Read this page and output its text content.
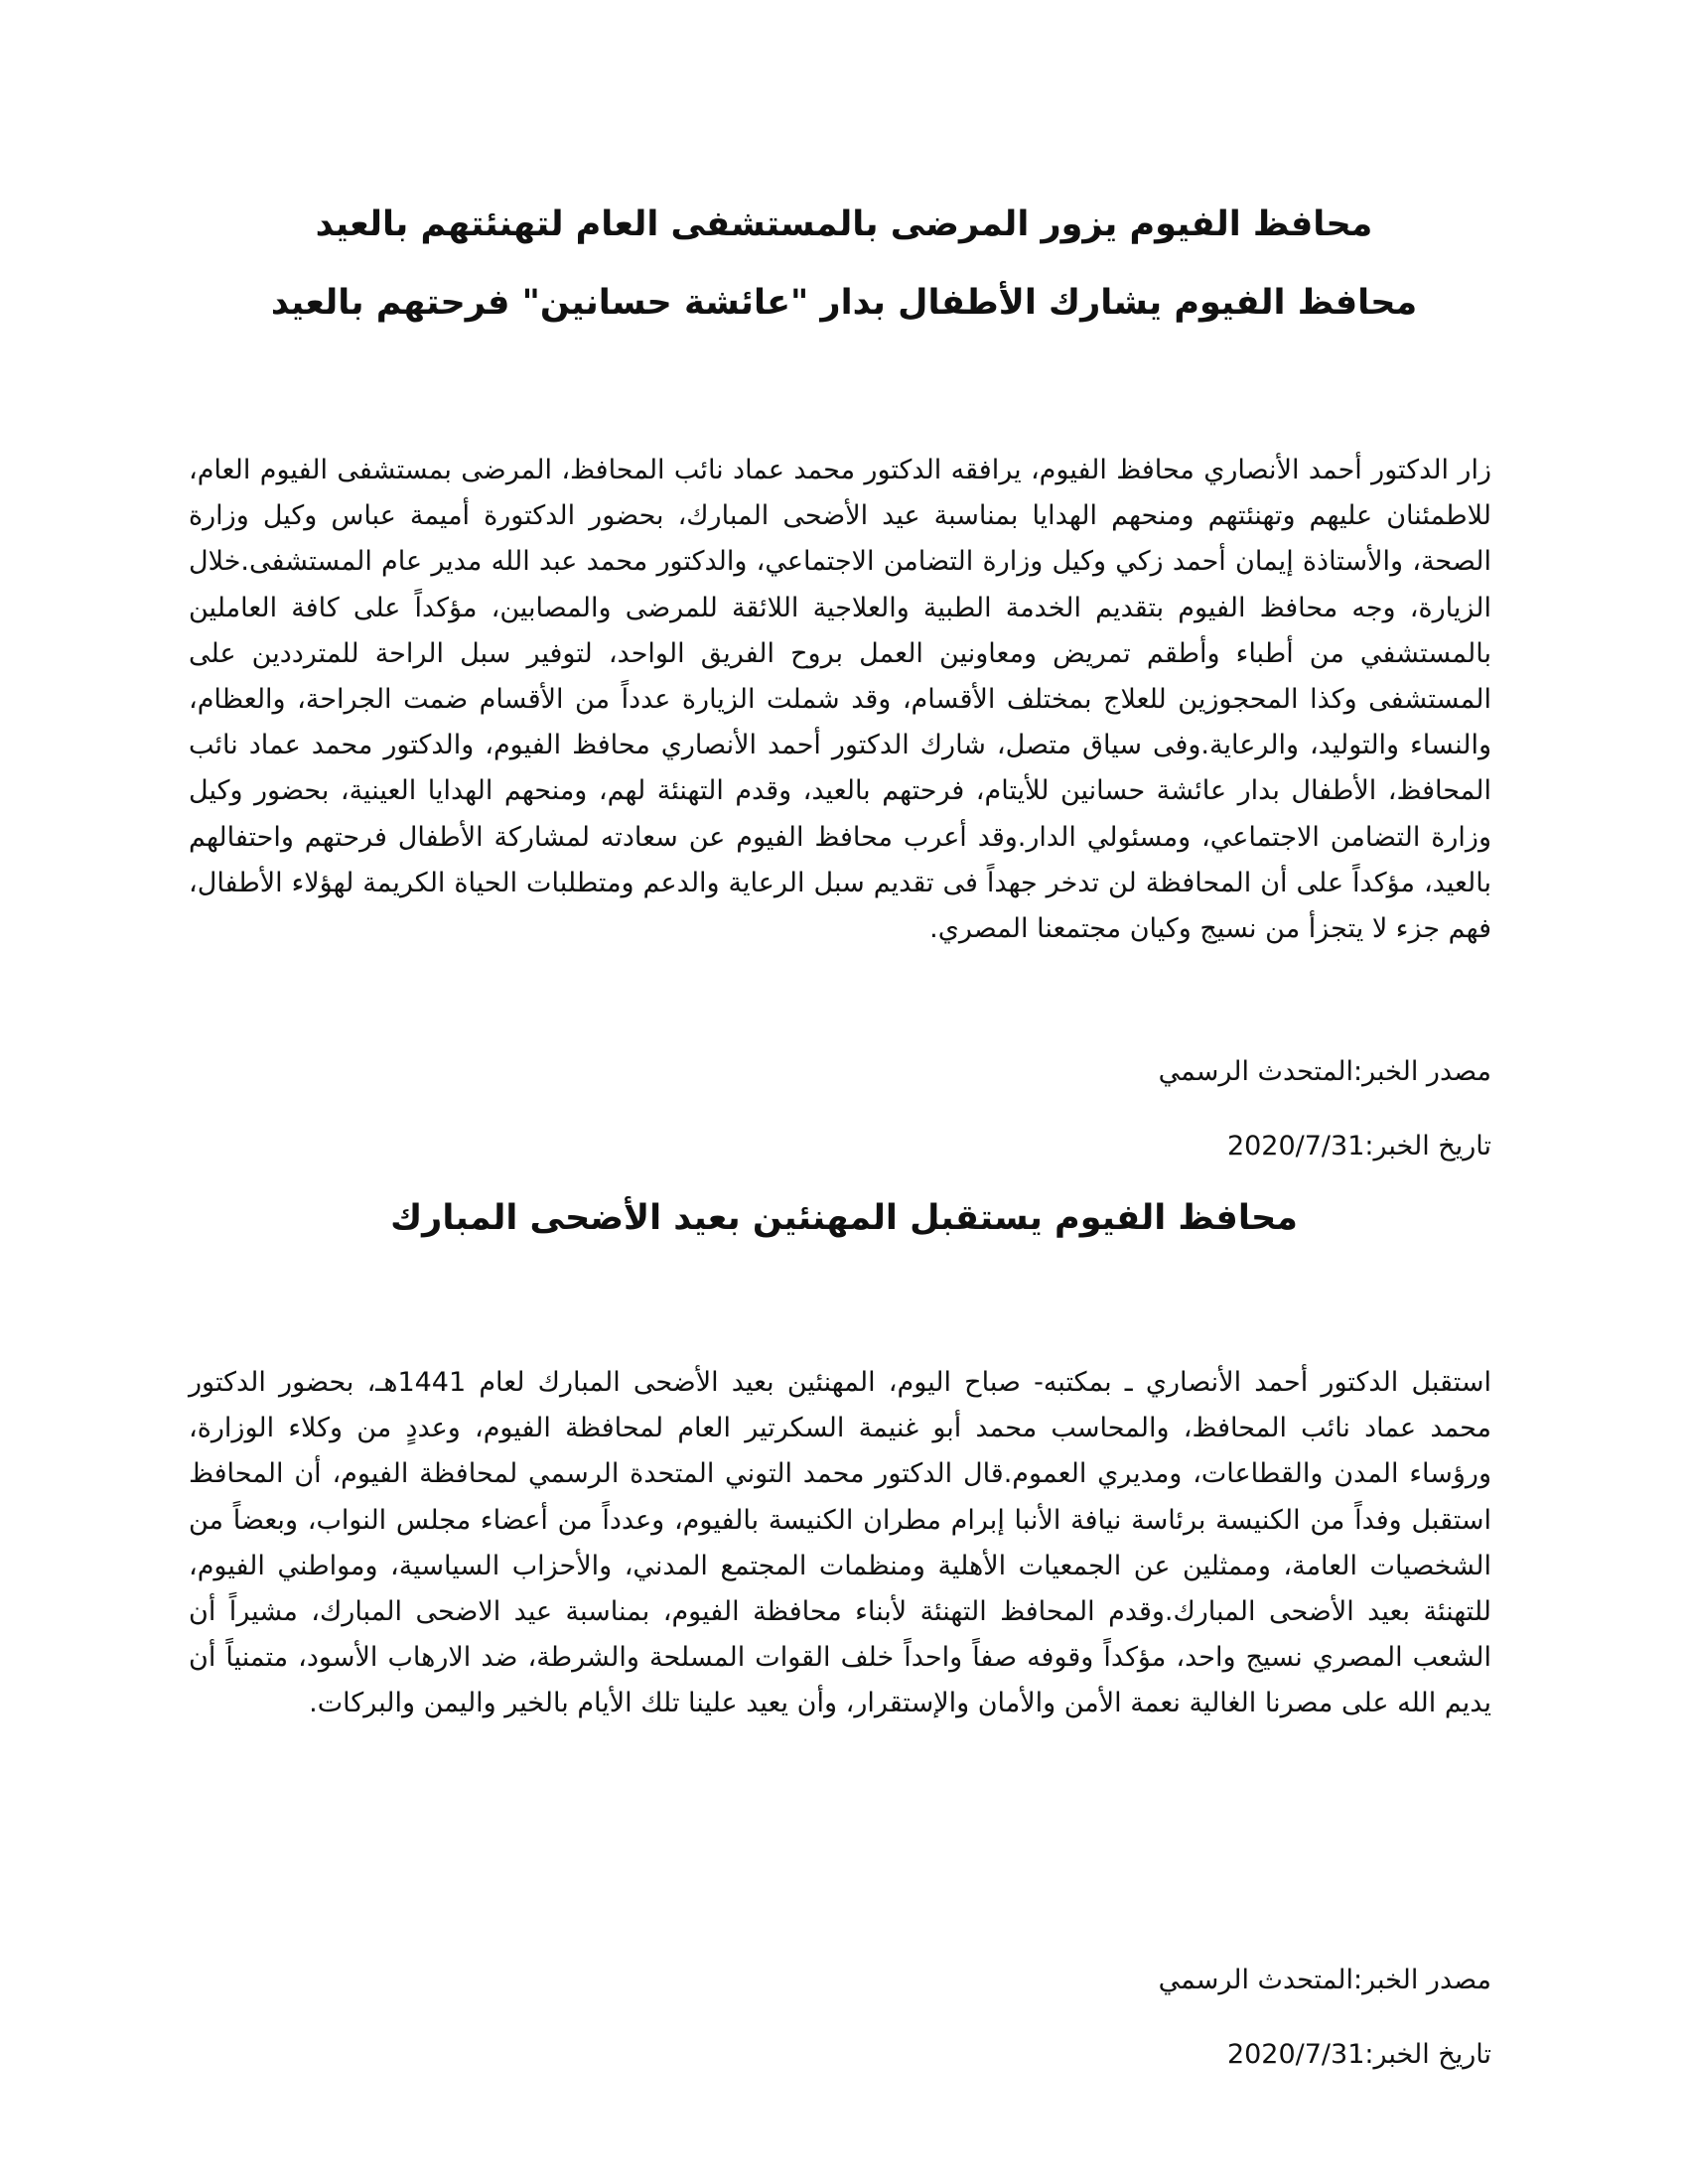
محافظ الفيوم يزور المرضى بالمستشفى العام لتهنئتهم بالعيد
محافظ الفيوم يشارك الأطفال بدار "عائشة حسانين" فرحتهم بالعيد

زار الدكتور أحمد الأنصاري محافظ الفيوم، يرافقه الدكتور محمد عماد نائب المحافظ، المرضى بمستشفى الفيوم العام، للاطمئنان عليهم وتهنئتهم ومنحهم الهدايا بمناسبة عيد الأضحى المبارك، بحضور الدكتورة أميمة عباس وكيل وزارة الصحة، والأستاذة إيمان أحمد زكي وكيل وزارة التضامن الاجتماعي، والدكتور محمد عبد الله مدير عام المستشفى.خلال الزيارة، وجه محافظ الفيوم بتقديم الخدمة الطبية والعلاجية اللائقة للمرضى والمصابين، مؤكداً على كافة العاملين بالمستشفي من أطباء وأطقم تمريض ومعاونين العمل بروح الفريق الواحد، لتوفير سبل الراحة للمترددين على المستشفى وكذا المحجوزين للعلاج بمختلف الأقسام، وقد شملت الزيارة عدداً من الأقسام ضمت الجراحة، والعظام، والنساء والتوليد، والرعاية.وفى سياق متصل، شارك الدكتور أحمد الأنصاري محافظ الفيوم، والدكتور محمد عماد نائب المحافظ، الأطفال بدار عائشة حسانين للأيتام، فرحتهم بالعيد، وقدم التهنئة لهم، ومنحهم الهدايا العينية، بحضور وكيل وزارة التضامن الاجتماعي، ومسئولي الدار.وقد أعرب محافظ الفيوم عن سعادته لمشاركة الأطفال فرحتهم واحتفالهم بالعيد، مؤكداً على أن المحافظة لن تدخر جهداً فى تقديم سبل الرعاية والدعم ومتطلبات الحياة الكريمة لهؤلاء الأطفال، فهم جزء لا يتجزأ من نسيج وكيان مجتمعنا المصري.

مصدر الخبر:المتحدث الرسمي

تاريخ الخبر:2020/7/31

محافظ الفيوم يستقبل المهنئين بعيد الأضحى المبارك

استقبل الدكتور أحمد الأنصاري ـ بمكتبه- صباح اليوم، المهنئين بعيد الأضحى المبارك لعام 1441هـ، بحضور الدكتور محمد عماد نائب المحافظ، والمحاسب محمد أبو غنيمة السكرتير العام لمحافظة الفيوم، وعددٍ من وكلاء الوزارة، ورؤساء المدن والقطاعات، ومديري العموم.قال الدكتور محمد التوني المتحدة الرسمي لمحافظة الفيوم، أن المحافظ استقبل وفداً من الكنيسة برئاسة نيافة الأنبا إبرام مطران الكنيسة بالفيوم، وعدداً من أعضاء مجلس النواب، وبعضاً من الشخصيات العامة، وممثلين عن الجمعيات الأهلية ومنظمات المجتمع المدني، والأحزاب السياسية، ومواطني الفيوم، للتهنئة بعيد الأضحى المبارك.وقدم المحافظ التهنئة لأبناء محافظة الفيوم، بمناسبة عيد الاضحى المبارك، مشيراً أن الشعب المصري نسيج واحد، مؤكداً وقوفه صفاً واحداً خلف القوات المسلحة والشرطة، ضد الارهاب الأسود، متمنياً أن يديم الله على مصرنا الغالية نعمة الأمن والأمان والإستقرار، وأن يعيد علينا تلك الأيام بالخير واليمن والبركات.

مصدر الخبر:المتحدث الرسمي

تاريخ الخبر:2020/7/31
